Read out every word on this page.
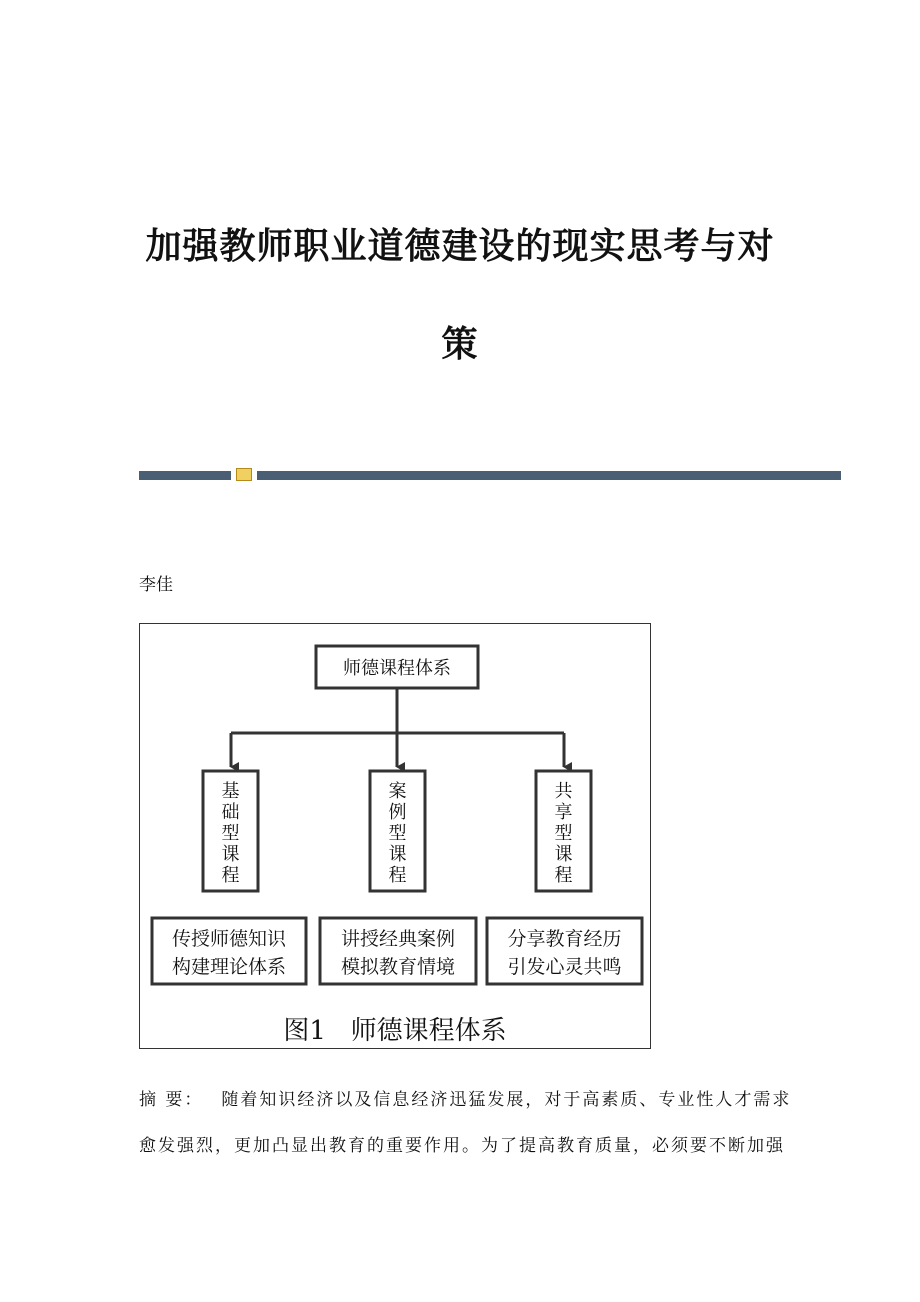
加强教师职业道德建设的现实思考与对
策
李佳
师德课程体系
基
础
型
课
程
案
例
型
课
程
共
享
型
课
程
传授师德知识
构建理论体系
讲授经典案例
模拟教育情境
分享教育经历
引发心灵共鸣
图1   师德课程体系
摘 要： 随着知识经济以及信息经济迅猛发展，对于高素质、专业性人才需求
愈发强烈，更加凸显出教育的重要作用。为了提高教育质量，必须要不断加强
